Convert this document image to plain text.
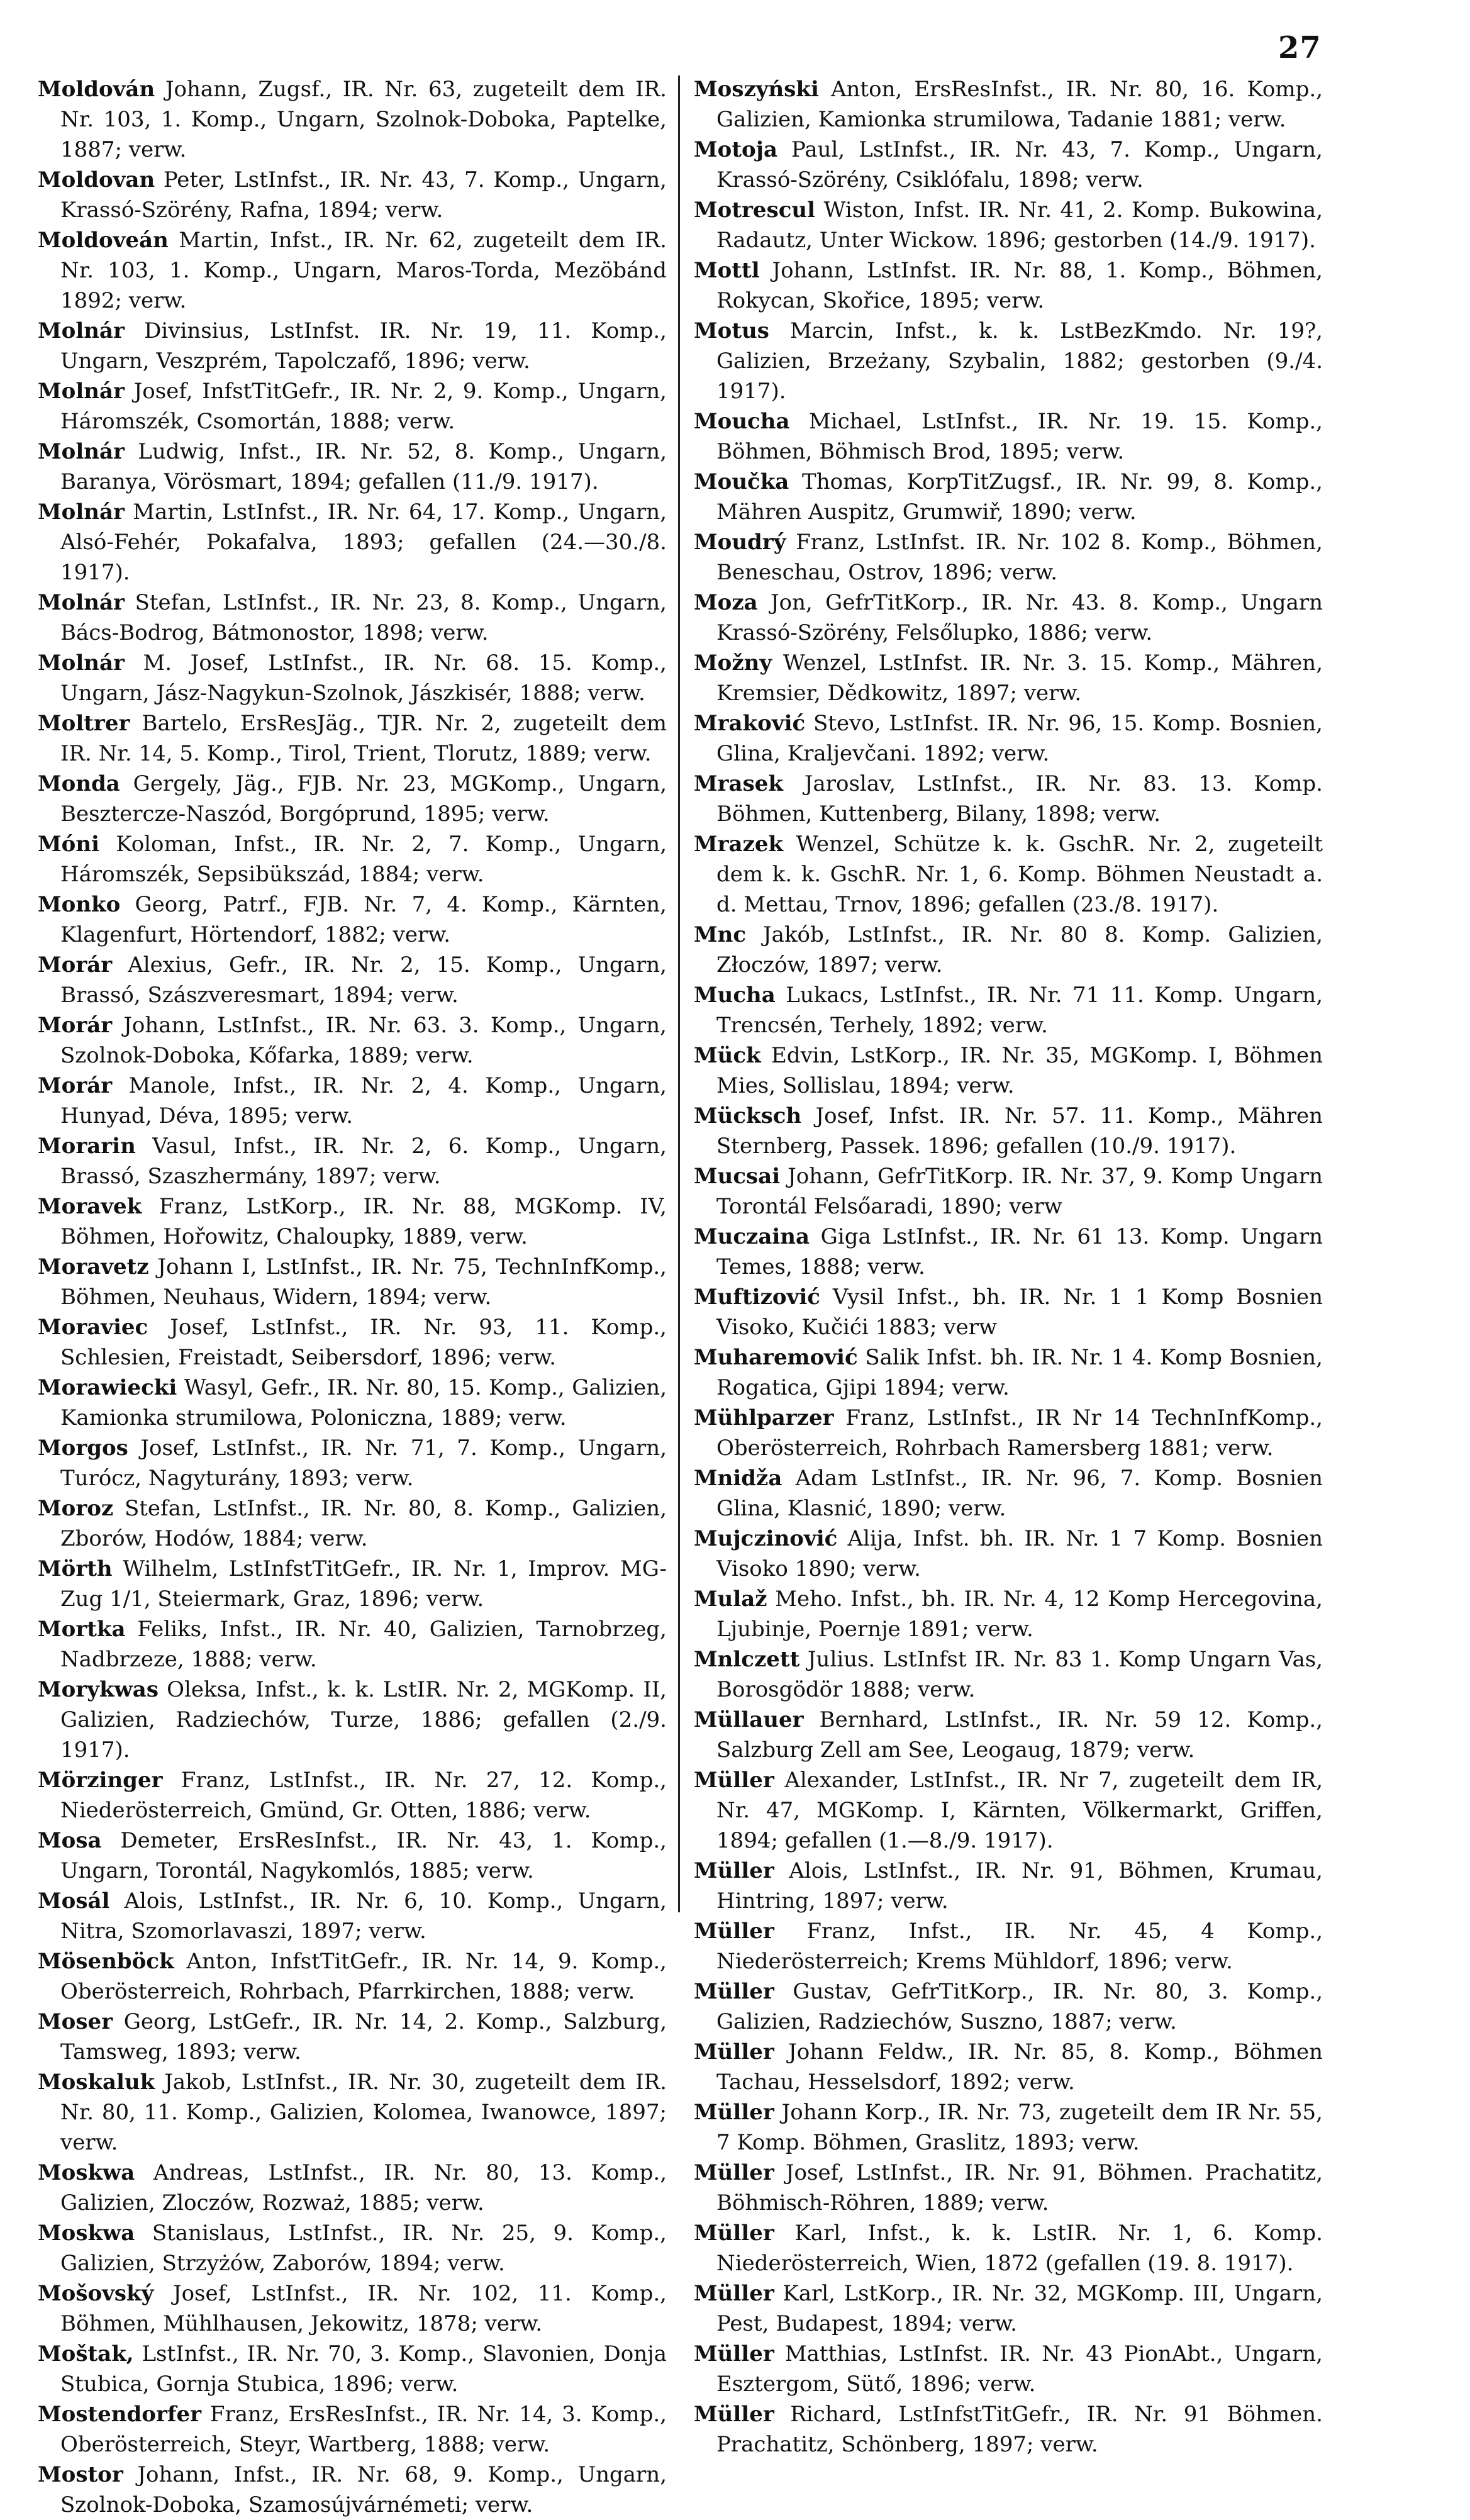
27
Moldován Johann, Zugsf., IR. Nr. 63, zugeteilt dem IR. Nr. 103, 1. Komp., Ungarn, Szolnok-Doboka, Paptelke, 1887; verw.
Moldovan Peter, LstInfst., IR. Nr. 43, 7. Komp., Ungarn, Krassó-Szörény, Rafna, 1894; verw.
Moldoveán Martin, Infst., IR. Nr. 62, zugeteilt dem IR. Nr. 103, 1. Komp., Ungarn, Maros-Torda, Mezöbánd 1892; verw.
Molnár Divinsius, LstInfst. IR. Nr. 19, 11. Komp., Ungarn, Veszprém, Tapolczafő, 1896; verw.
Molnár Josef, InfstTitGefr., IR. Nr. 2, 9. Komp., Ungarn, Háromszék, Csomortán, 1888; verw.
Molnár Ludwig, Infst., IR. Nr. 52, 8. Komp., Ungarn, Baranya, Vörösmart, 1894; gefallen (11./9. 1917).
Molnár Martin, LstInfst., IR. Nr. 64, 17. Komp., Ungarn, Alsó-Fehér, Pokafalva, 1893; gefallen (24.—30./8. 1917).
Molnár Stefan, LstInfst., IR. Nr. 23, 8. Komp., Ungarn, Bács-Bodrog, Bátmonostor, 1898; verw.
Molnár M. Josef, LstInfst., IR. Nr. 68. 15. Komp., Ungarn, Jász-Nagykun-Szolnok, Jászkisér, 1888; verw.
Moltrer Bartelo, ErsResJäg., TJR. Nr. 2, zugeteilt dem IR. Nr. 14, 5. Komp., Tirol, Trient, Tlorutz, 1889; verw.
Monda Gergely, Jäg., FJB. Nr. 23, MGKomp., Ungarn, Besztercze-Naszód, Borgóprund, 1895; verw.
Móni Koloman, Infst., IR. Nr. 2, 7. Komp., Ungarn, Háromszék, Sepsibükszád, 1884; verw.
Monko Georg, Patrf., FJB. Nr. 7, 4. Komp., Kärnten, Klagenfurt, Hörtendorf, 1882; verw.
Morár Alexius, Gefr., IR. Nr. 2, 15. Komp., Ungarn, Brassó, Szászveresmart, 1894; verw.
Morár Johann, LstInfst., IR. Nr. 63. 3. Komp., Ungarn, Szolnok-Doboka, Kőfarka, 1889; verw.
Morár Manole, Infst., IR. Nr. 2, 4. Komp., Ungarn, Hunyad, Déva, 1895; verw.
Morarin Vasul, Infst., IR. Nr. 2, 6. Komp., Ungarn, Brassó, Szaszhermány, 1897; verw.
Moravek Franz, LstKorp., IR. Nr. 88, MGKomp. IV, Böhmen, Hořowitz, Chaloupky, 1889, verw.
Moravetz Johann I, LstInfst., IR. Nr. 75, TechnInfKomp., Böhmen, Neuhaus, Widern, 1894; verw.
Moraviec Josef, LstInfst., IR. Nr. 93, 11. Komp., Schlesien, Freistadt, Seibersdorf, 1896; verw.
Morawiecki Wasyl, Gefr., IR. Nr. 80, 15. Komp., Galizien, Kamionka strumilowa, Poloniczna, 1889; verw.
Morgos Josef, LstInfst., IR. Nr. 71, 7. Komp., Ungarn, Turócz, Nagyturány, 1893; verw.
Moroz Stefan, LstInfst., IR. Nr. 80, 8. Komp., Galizien, Zborów, Hodów, 1884; verw.
Mörth Wilhelm, LstInfstTitGefr., IR. Nr. 1, Improv. MG-Zug 1/1, Steiermark, Graz, 1896; verw.
Mortka Feliks, Infst., IR. Nr. 40, Galizien, Tarnobrzeg, Nadbrzeze, 1888; verw.
Morykwas Oleksa, Infst., k. k. LstIR. Nr. 2, MGKomp. II, Galizien, Radziechów, Turze, 1886; gefallen (2./9. 1917).
Mörzinger Franz, LstInfst., IR. Nr. 27, 12. Komp., Niederösterreich, Gmünd, Gr. Otten, 1886; verw.
Mosa Demeter, ErsResInfst., IR. Nr. 43, 1. Komp., Ungarn, Torontál, Nagykomlós, 1885; verw.
Mosál Alois, LstInfst., IR. Nr. 6, 10. Komp., Ungarn, Nitra, Szomorlavaszi, 1897; verw.
Mösenböck Anton, InfstTitGefr., IR. Nr. 14, 9. Komp., Oberösterreich, Rohrbach, Pfarrkirchen, 1888; verw.
Moser Georg, LstGefr., IR. Nr. 14, 2. Komp., Salzburg, Tamsweg, 1893; verw.
Moskaluk Jakob, LstInfst., IR. Nr. 30, zugeteilt dem IR. Nr. 80, 11. Komp., Galizien, Kolomea, Iwanowce, 1897; verw.
Moskwa Andreas, LstInfst., IR. Nr. 80, 13. Komp., Galizien, Zloczów, Rozważ, 1885; verw.
Moskwa Stanislaus, LstInfst., IR. Nr. 25, 9. Komp., Galizien, Strzyżów, Zaborów, 1894; verw.
Mošovský Josef, LstInfst., IR. Nr. 102, 11. Komp., Böhmen, Mühlhausen, Jekowitz, 1878; verw.
Moštak, LstInfst., IR. Nr. 70, 3. Komp., Slavonien, Donja Stubica, Gornja Stubica, 1896; verw.
Mostendorfer Franz, ErsResInfst., IR. Nr. 14, 3. Komp., Oberösterreich, Steyr, Wartberg, 1888; verw.
Mostor Johann, Infst., IR. Nr. 68, 9. Komp., Ungarn, Szolnok-Doboka, Szamosújvárnémeti; verw.
Moszyński Anton, ErsResInfst., IR. Nr. 80, 16. Komp., Galizien, Kamionka strumilowa, Tadanie 1881; verw.
Motoja Paul, LstInfst., IR. Nr. 43, 7. Komp., Ungarn, Krassó-Szörény, Csiklófalu, 1898; verw.
Motrescul Wiston, Infst. IR. Nr. 41, 2. Komp. Bukowina, Radautz, Unter Wickow. 1896; gestorben (14./9. 1917).
Mottl Johann, LstInfst. IR. Nr. 88, 1. Komp., Böhmen, Rokycan, Skořice, 1895; verw.
Motus Marcin, Infst., k. k. LstBezKmdo. Nr. 19?, Galizien, Brzeżany, Szybalin, 1882; gestorben (9./4. 1917).
Moucha Michael, LstInfst., IR. Nr. 19. 15. Komp., Böhmen, Böhmisch Brod, 1895; verw.
Moučka Thomas, KorpTitZugsf., IR. Nr. 99, 8. Komp., Mähren Auspitz, Grumwiř, 1890; verw.
Moudrý Franz, LstInfst. IR. Nr. 102 8. Komp., Böhmen, Beneschau, Ostrov, 1896; verw.
Moza Jon, GefrTitKorp., IR. Nr. 43. 8. Komp., Ungarn Krassó-Szörény, Felsőlupko, 1886; verw.
Možny Wenzel, LstInfst. IR. Nr. 3. 15. Komp., Mähren, Kremsier, Dědkowitz, 1897; verw.
Mraković Stevo, LstInfst. IR. Nr. 96, 15. Komp. Bosnien, Glina, Kraljevčani. 1892; verw.
Mrasek Jaroslav, LstInfst., IR. Nr. 83. 13. Komp. Böhmen, Kuttenberg, Bilany, 1898; verw.
Mrazek Wenzel, Schütze k. k. GschR. Nr. 2, zugeteilt dem k. k. GschR. Nr. 1, 6. Komp. Böhmen Neustadt a. d. Mettau, Trnov, 1896; gefallen (23./8. 1917).
Mnc Jakób, LstInfst., IR. Nr. 80 8. Komp. Galizien, Złoczów, 1897; verw.
Mucha Lukacs, LstInfst., IR. Nr. 71 11. Komp. Ungarn, Trencsén, Terhely, 1892; verw.
Mück Edvin, LstKorp., IR. Nr. 35, MGKomp. I, Böhmen Mies, Sollislau, 1894; verw.
Mücksch Josef, Infst. IR. Nr. 57. 11. Komp., Mähren Sternberg, Passek. 1896; gefallen (10./9. 1917).
Mucsai Johann, GefrTitKorp. IR. Nr. 37, 9. Komp Ungarn Torontál Felsőaradi, 1890; verw
Muczaina Giga LstInfst., IR. Nr. 61 13. Komp. Ungarn Temes, 1888; verw.
Muftizović Vysil Infst., bh. IR. Nr. 1 1 Komp Bosnien Visoko, Kučići 1883; verw
Muharemović Salik Infst. bh. IR. Nr. 1 4. Komp Bosnien, Rogatica, Gjipi 1894; verw.
Mühlparzer Franz, LstInfst., IR Nr 14 TechnInfKomp., Oberösterreich, Rohrbach Ramersberg 1881; verw.
Mnidža Adam LstInfst., IR. Nr. 96, 7. Komp. Bosnien Glina, Klasnić, 1890; verw.
Mujczinović Alija, Infst. bh. IR. Nr. 1 7 Komp. Bosnien Visoko 1890; verw.
Mulaž Meho. Infst., bh. IR. Nr. 4, 12 Komp Hercegovina, Ljubinje, Poernje 1891; verw.
Mnlczett Julius. LstInfst IR. Nr. 83 1. Komp Ungarn Vas, Borosgödör 1888; verw.
Müllauer Bernhard, LstInfst., IR. Nr. 59 12. Komp., Salzburg Zell am See, Leogaug, 1879; verw.
Müller Alexander, LstInfst., IR. Nr 7, zugeteilt dem IR, Nr. 47, MGKomp. I, Kärnten, Völkermarkt, Griffen, 1894; gefallen (1.—8./9. 1917).
Müller Alois, LstInfst., IR. Nr. 91, Böhmen, Krumau, Hintring, 1897; verw.
Müller Franz, Infst., IR. Nr. 45, 4 Komp., Niederösterreich; Krems Mühldorf, 1896; verw.
Müller Gustav, GefrTitKorp., IR. Nr. 80, 3. Komp., Galizien, Radziechów, Suszno, 1887; verw.
Müller Johann Feldw., IR. Nr. 85, 8. Komp., Böhmen Tachau, Hesselsdorf, 1892; verw.
Müller Johann Korp., IR. Nr. 73, zugeteilt dem IR Nr. 55, 7 Komp. Böhmen, Graslitz, 1893; verw.
Müller Josef, LstInfst., IR. Nr. 91, Böhmen. Prachatitz, Böhmisch-Röhren, 1889; verw.
Müller Karl, Infst., k. k. LstIR. Nr. 1, 6. Komp. Niederösterreich, Wien, 1872 (gefallen (19. 8. 1917).
Müller Karl, LstKorp., IR. Nr. 32, MGKomp. III, Ungarn, Pest, Budapest, 1894; verw.
Müller Matthias, LstInfst. IR. Nr. 43 PionAbt., Ungarn, Esztergom, Sütő, 1896; verw.
Müller Richard, LstInfstTitGefr., IR. Nr. 91 Böhmen. Prachatitz, Schönberg, 1897; verw.
